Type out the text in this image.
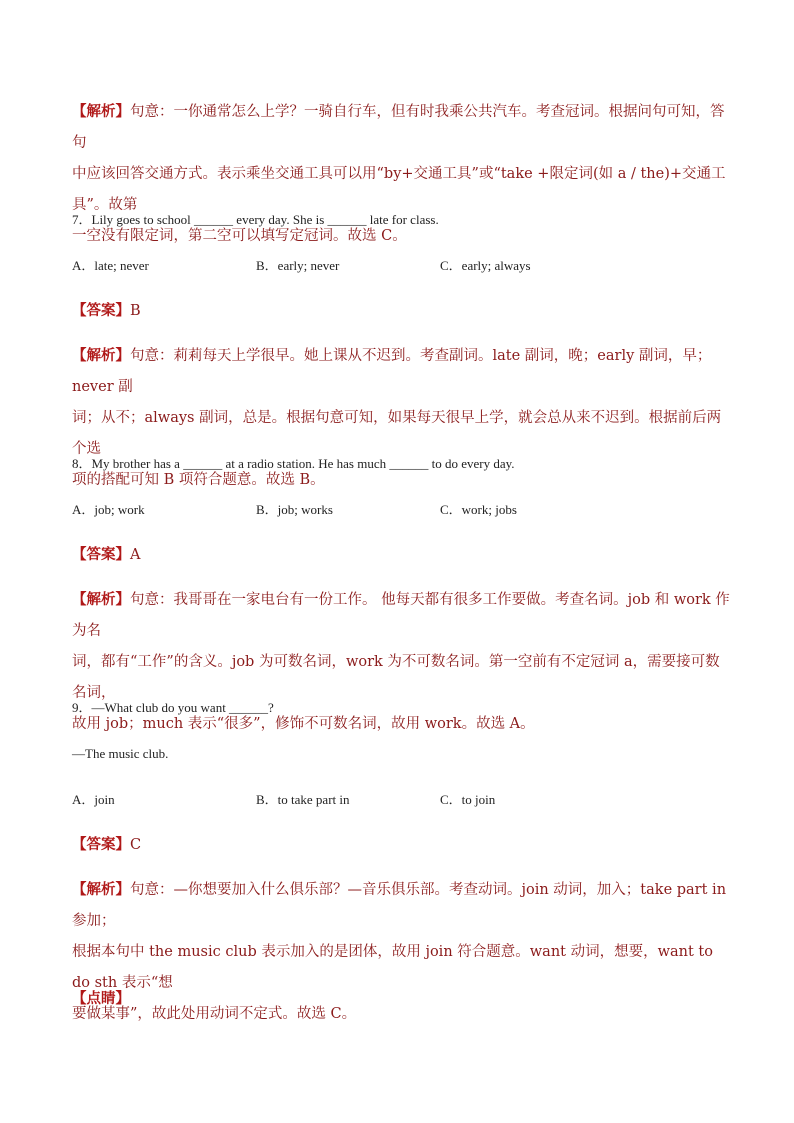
【解析】句意：一你通常怎么上学？一骑自行车，但有时我乘公共汽车。考查冠词。根据问句可知，答句
中应该回答交通方式。表示乘坐交通工具可以用“by+交通工具”或“take +限定词(如 a / the)+交通工具”。故第
一空没有限定词，第二空可以填写定冠词。故选 C。
7．Lily goes to school ______ every day. She is ______ late for class.
A．late; never	B．early; never	C．early; always
【答案】B
【解析】句意：莉莉每天上学很早。她上课从不迟到。考查副词。late 副词，晚；early 副词，早；never 副
词；从不；always 副词，总是。根据句意可知，如果每天很早上学，就会总从来不迟到。根据前后两个选
项的搭配可知 B 项符合题意。故选 B。
8．My brother has a ______ at a radio station. He has much ______ to do every day.
A．job; work	B．job; works	C．work; jobs
【答案】A
【解析】句意：我哥哥在一家电台有一份工作。 他每天都有很多工作要做。考查名词。job 和 work 作为名
词，都有“工作”的含义。job 为可数名词，work 为不可数名词。第一空前有不定冠词 a，需要接可数名词，
故用 job；much 表示“很多”，修饰不可数名词，故用 work。故选 A。
9．—What club do you want ______?
—The music club.
A．join	B．to take part in	C．to join
【答案】C
【解析】句意：—你想要加入什么俱乐部？—音乐俱乐部。考查动词。join 动词，加入；take part in 参加；
根据本句中 the music club 表示加入的是团体，故用 join 符合题意。want 动词，想要，want to do sth 表示“想
要做某事”，故此处用动词不定式。故选 C。
【点睛】
